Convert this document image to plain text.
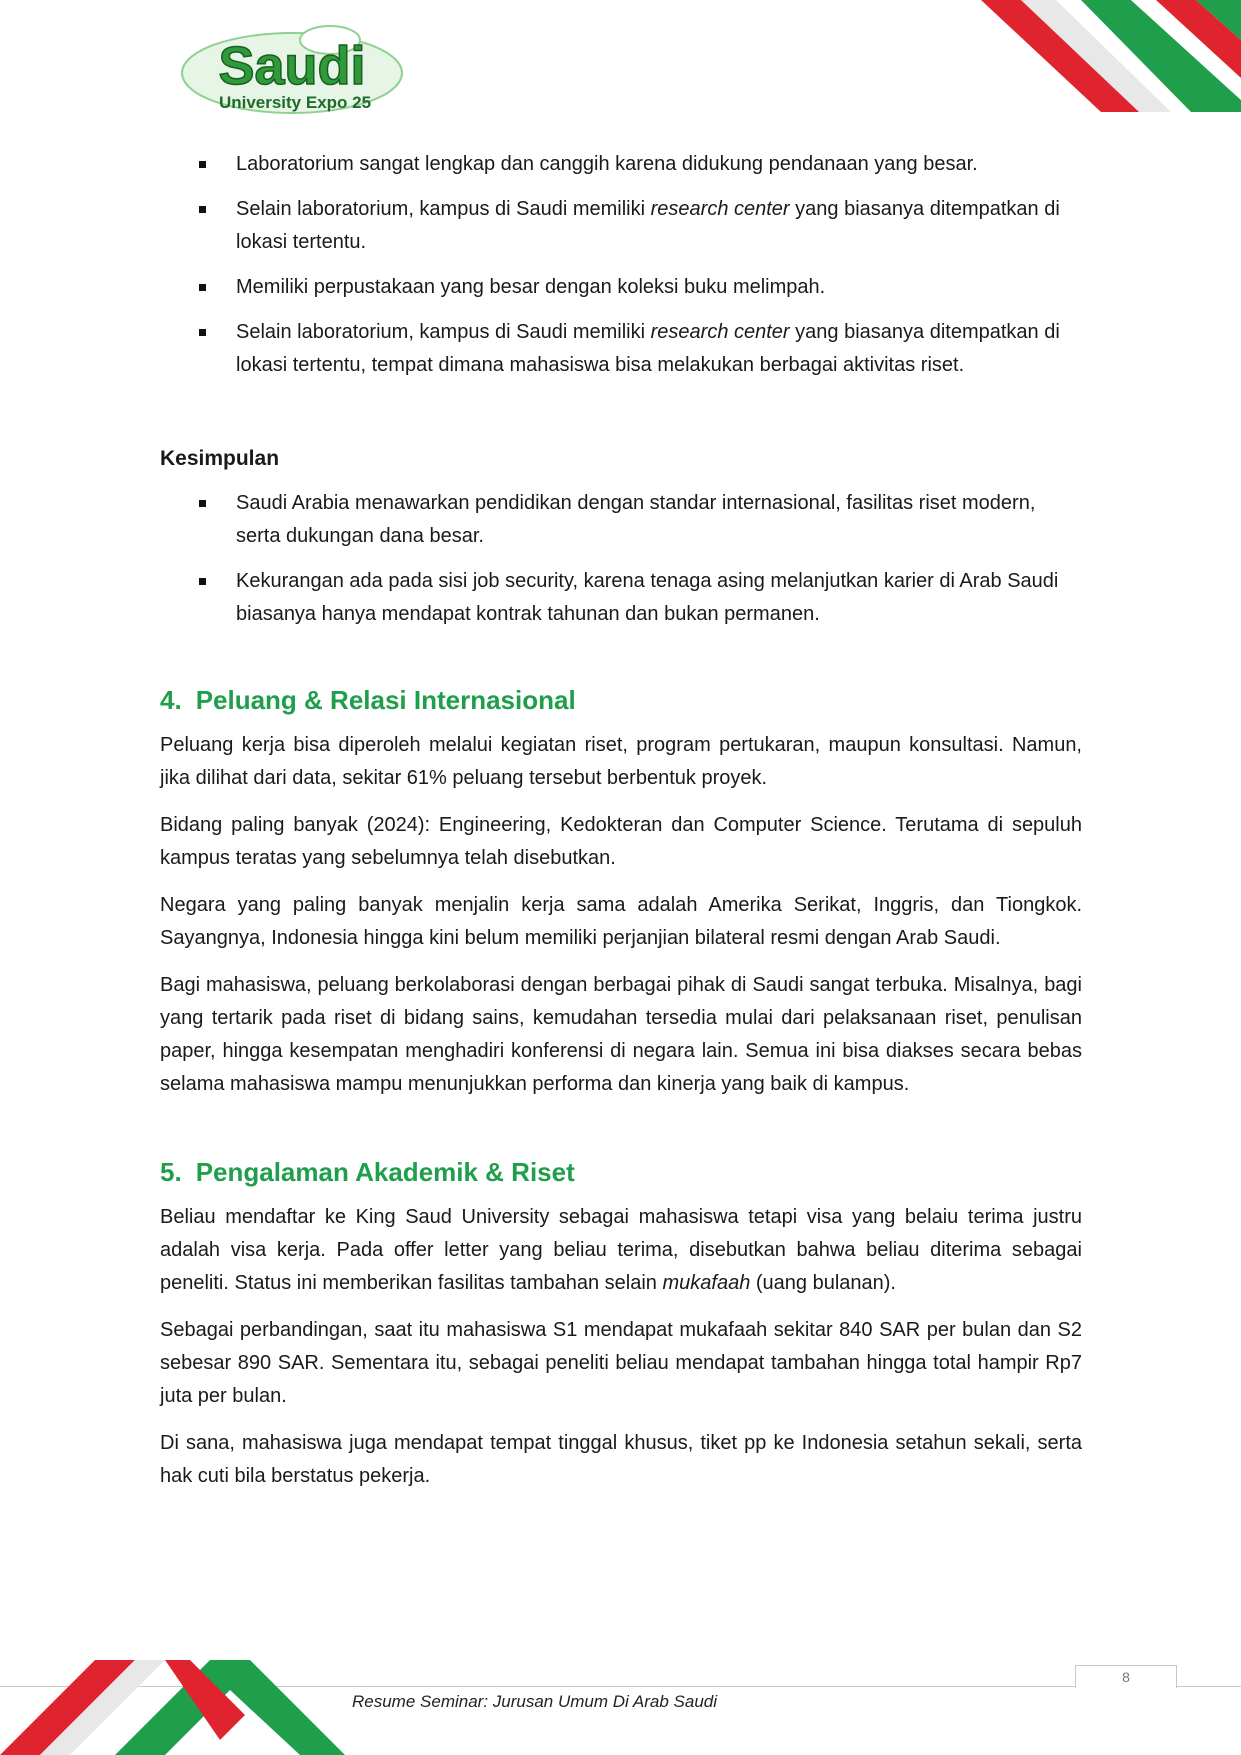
Saudi
University Expo 25
Laboratorium sangat lengkap dan canggih karena didukung pendanaan yang besar.
Selain laboratorium, kampus di Saudi memiliki research center yang biasanya ditempatkan di lokasi tertentu.
Memiliki perpustakaan yang besar dengan koleksi buku melimpah.
Selain laboratorium, kampus di Saudi memiliki research center yang biasanya ditempatkan di lokasi tertentu, tempat dimana mahasiswa bisa melakukan berbagai aktivitas riset.
Kesimpulan
Saudi Arabia menawarkan pendidikan dengan standar internasional, fasilitas riset modern, serta dukungan dana besar.
Kekurangan ada pada sisi job security, karena tenaga asing melanjutkan karier di Arab Saudi biasanya hanya mendapat kontrak tahunan dan bukan permanen.
4. Peluang & Relasi Internasional

Peluang kerja bisa diperoleh melalui kegiatan riset, program pertukaran, maupun konsultasi. Namun, jika dilihat dari data, sekitar 61% peluang tersebut berbentuk proyek.

Bidang paling banyak (2024): Engineering, Kedokteran dan Computer Science. Terutama di sepuluh kampus teratas yang sebelumnya telah disebutkan.

Negara yang paling banyak menjalin kerja sama adalah Amerika Serikat, Inggris, dan Tiongkok. Sayangnya, Indonesia hingga kini belum memiliki perjanjian bilateral resmi dengan Arab Saudi.

Bagi mahasiswa, peluang berkolaborasi dengan berbagai pihak di Saudi sangat terbuka. Misalnya, bagi yang tertarik pada riset di bidang sains, kemudahan tersedia mulai dari pelaksanaan riset, penulisan paper, hingga kesempatan menghadiri konferensi di negara lain. Semua ini bisa diakses secara bebas selama mahasiswa mampu menunjukkan performa dan kinerja yang baik di kampus.

5. Pengalaman Akademik & Riset

Beliau mendaftar ke King Saud University sebagai mahasiswa tetapi visa yang belaiu terima justru adalah visa kerja. Pada offer letter yang beliau terima, disebutkan bahwa beliau diterima sebagai peneliti. Status ini memberikan fasilitas tambahan selain mukafaah (uang bulanan).

Sebagai perbandingan, saat itu mahasiswa S1 mendapat mukafaah sekitar 840 SAR per bulan dan S2 sebesar 890 SAR. Sementara itu, sebagai peneliti beliau mendapat tambahan hingga total hampir Rp7 juta per bulan.

Di sana, mahasiswa juga mendapat tempat tinggal khusus, tiket pp ke Indonesia setahun sekali, serta hak cuti bila berstatus pekerja.

8
Resume Seminar: Jurusan Umum Di Arab Saudi
